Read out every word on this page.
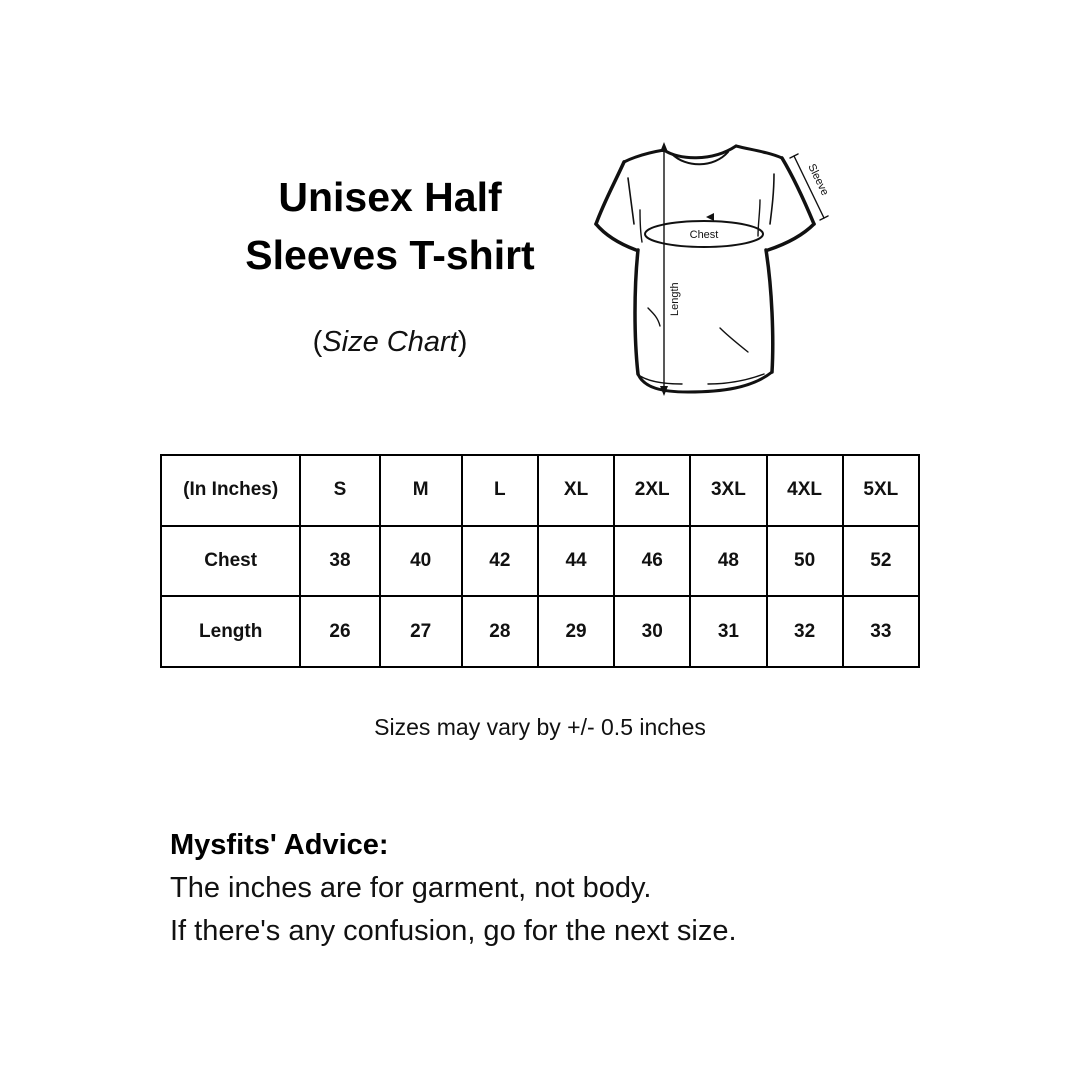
Unisex Half
Sleeves T-shirt
(Size Chart)
Chest
Length
Sleeve
(In Inches)	S	M	L	XL	2XL	3XL	4XL	5XL
Chest	38	40	42	44	46	48	50	52
Length	26	27	28	29	30	31	32	33
Sizes may vary by +/- 0.5 inches
Mysfits' Advice:
The inches are for garment, not body.
If there's any confusion, go for the next size.
